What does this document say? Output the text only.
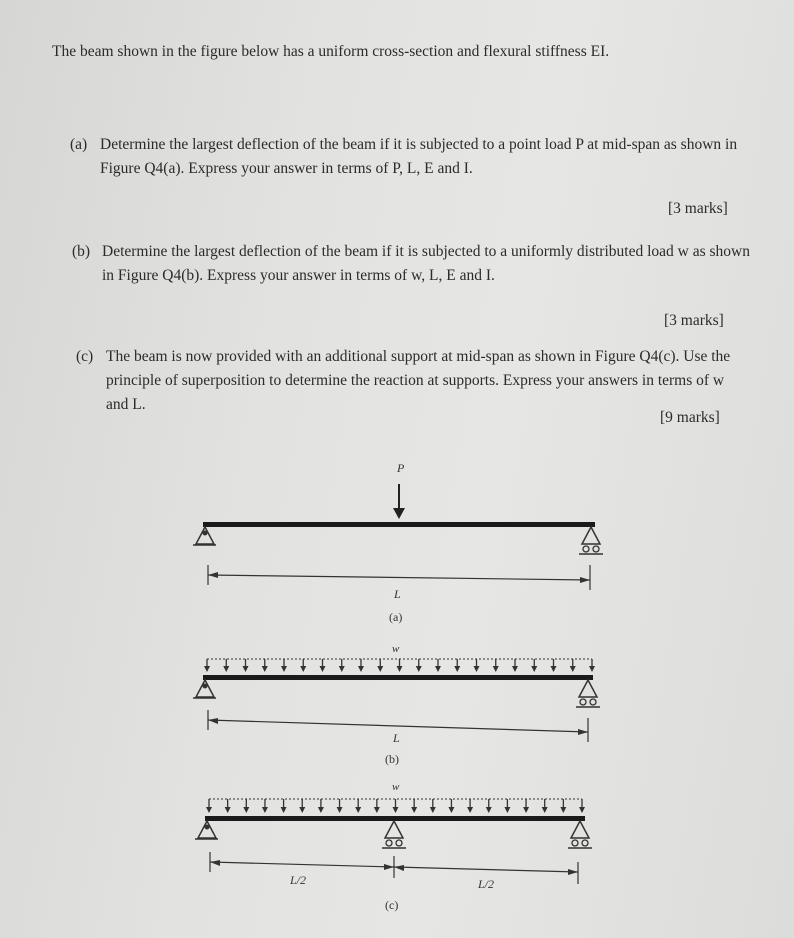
The beam shown in the figure below has a uniform cross-section and flexural stiffness EI.
(a) Determine the largest deflection of the beam if it is subjected to a point load P at mid-span as shown in Figure Q4(a). Express your answer in terms of P, L, E and I.
[3 marks]
(b) Determine the largest deflection of the beam if it is subjected to a uniformly distributed load w as shown in Figure Q4(b). Express your answer in terms of w, L, E and I.
[3 marks]
(c) The beam is now provided with an additional support at mid-span as shown in Figure Q4(c). Use the principle of superposition to determine the reaction at supports. Express your answers in terms of w and L.
[9 marks]
P
L
(a)
w
L
(b)
w
L/2	L/2
(c)
